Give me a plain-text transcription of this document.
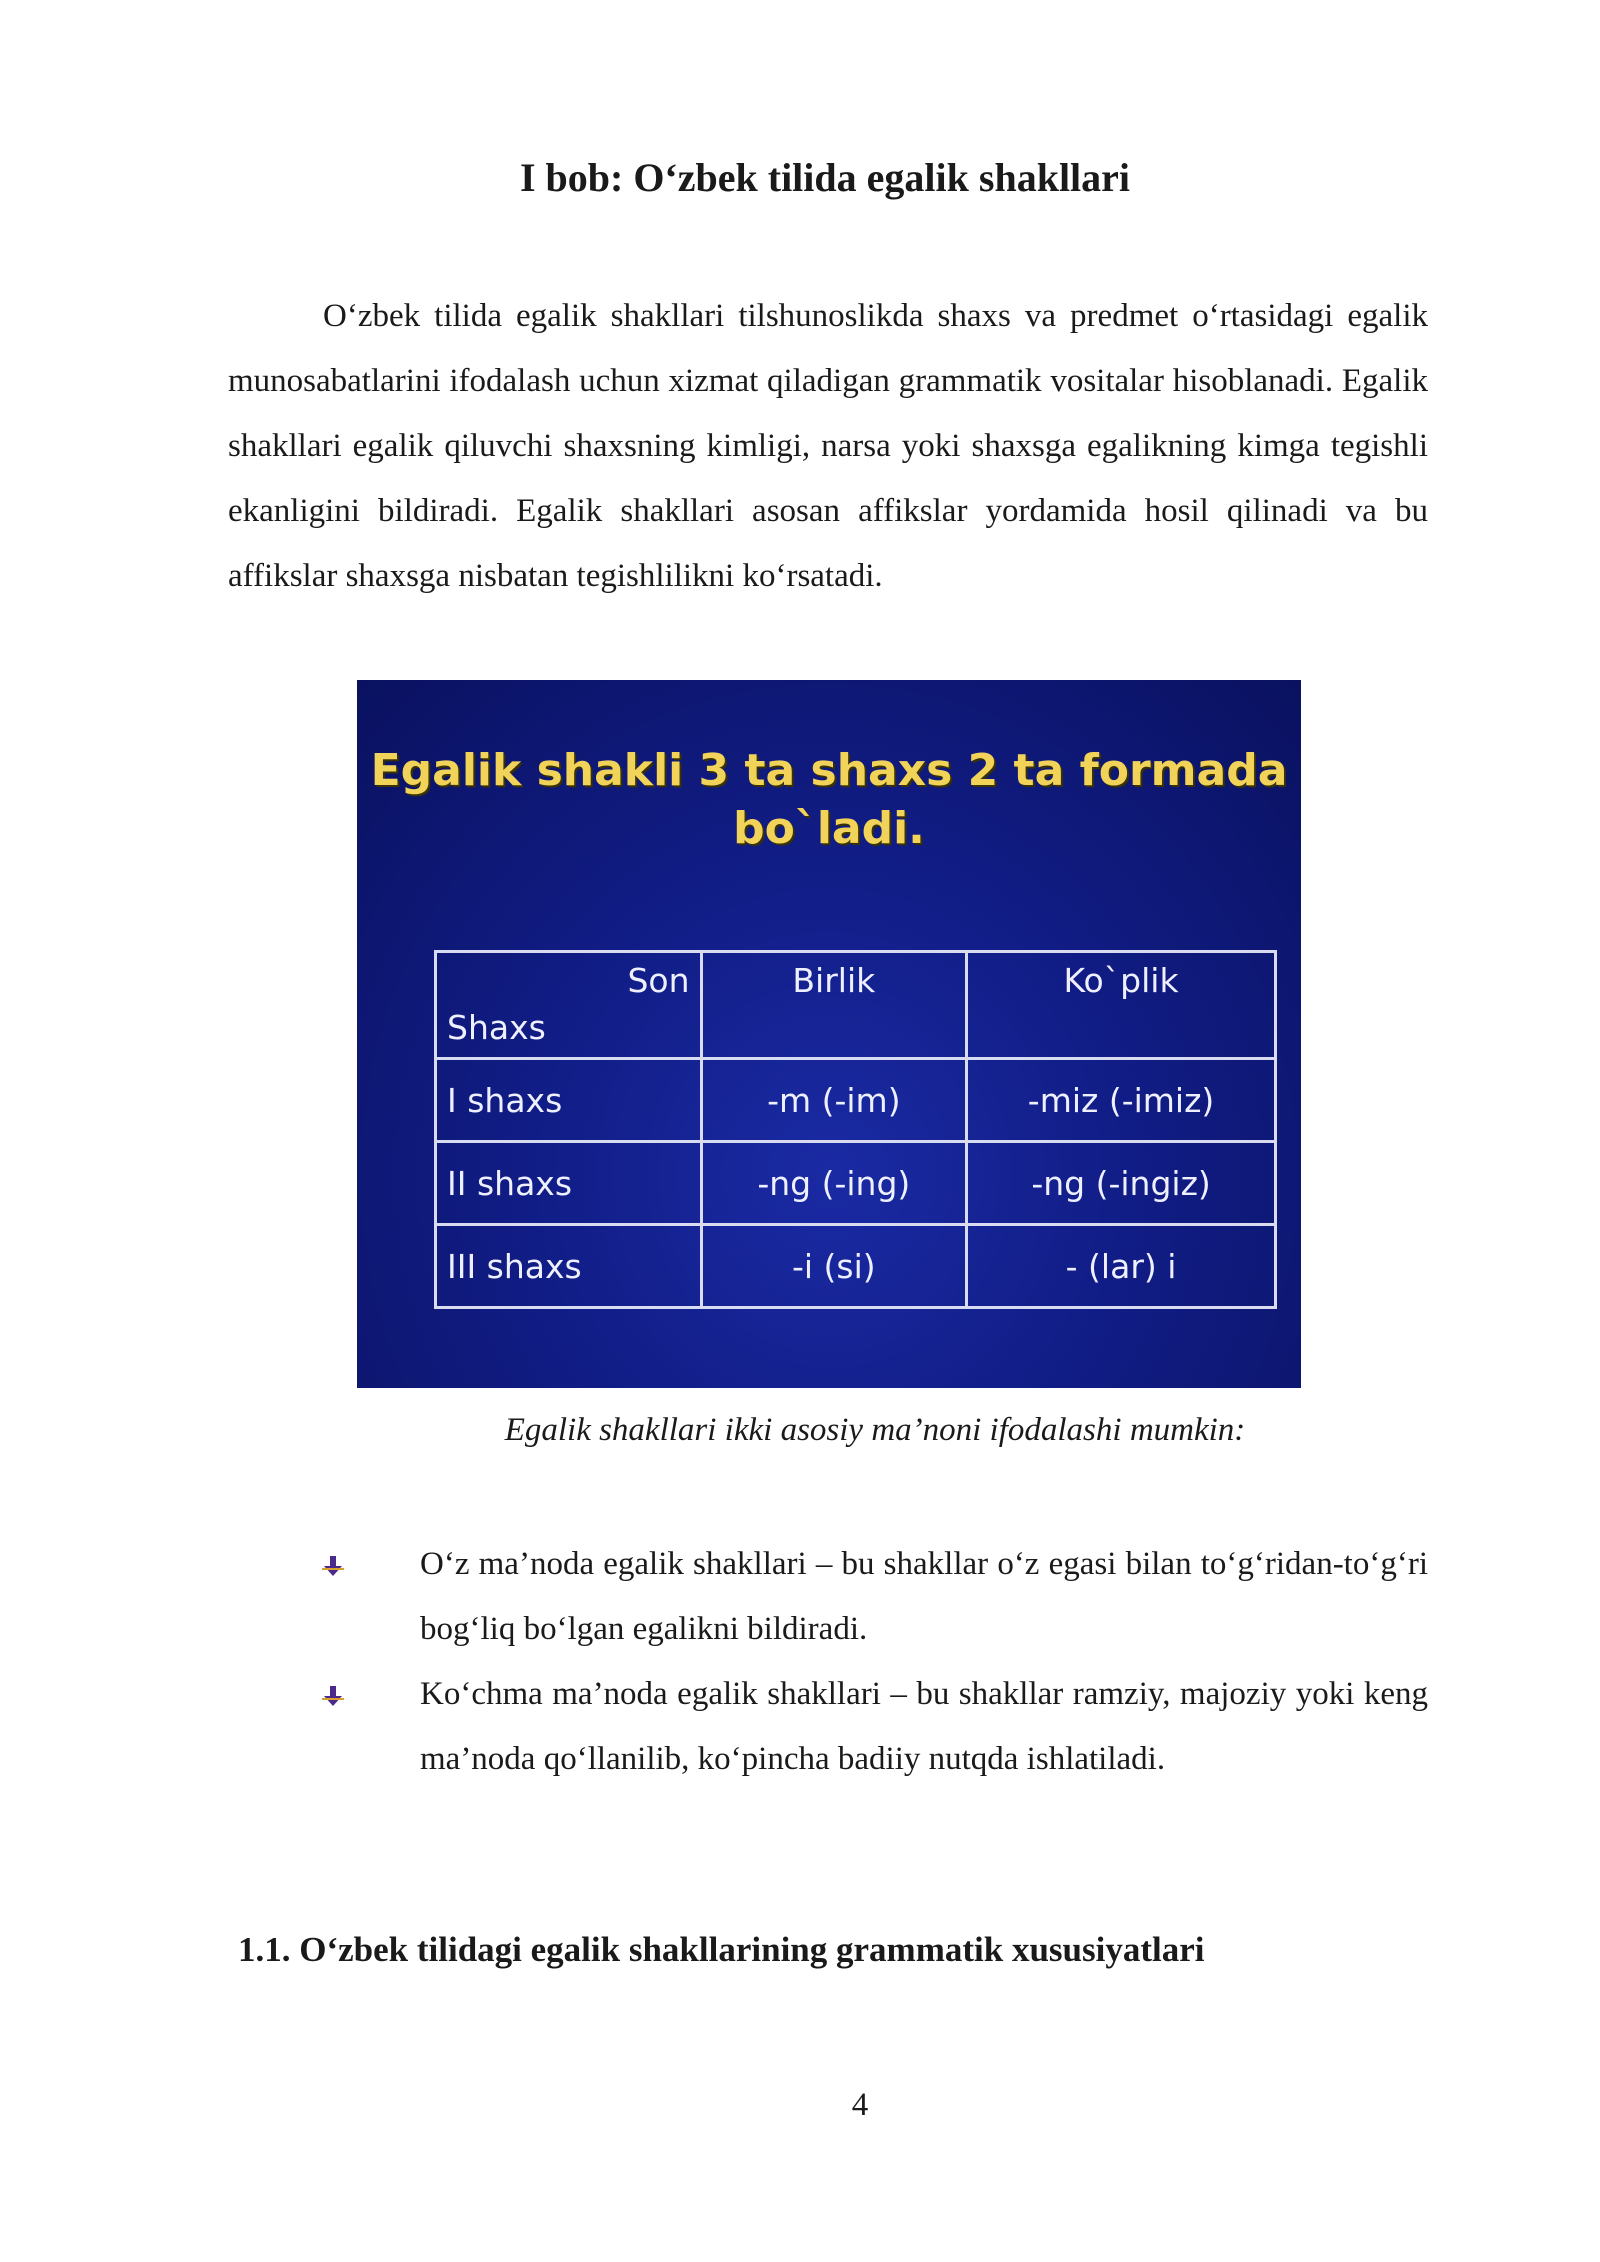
I bob: O‘zbek tilida egalik shakllari

O‘zbek tilida egalik shakllari tilshunoslikda shaxs va predmet o‘rtasidagi egalik munosabatlarini ifodalash uchun xizmat qiladigan grammatik vositalar hisoblanadi. Egalik shakllari egalik qiluvchi shaxsning kimligi, narsa yoki shaxsga egalikning kimga tegishli ekanligini bildiradi. Egalik shakllari asosan affikslar yordamida hosil qilinadi va bu affikslar shaxsga nisbatan tegishlilikni ko‘rsatadi.

Egalik shakli 3 ta shaxs 2 ta formada bo`ladi.
Son
Shaxs	Birlik	Ko`plik

I shaxs	-m (-im)	-miz (-imiz)
II shaxs	-ng (-ing)	-ng (-ingiz)
III shaxs	-i (si)	- (lar) i
Egalik shakllari ikki asosiy ma’noni ifodalashi mumkin:
O‘z ma’noda egalik shakllari – bu shakllar o‘z egasi bilan to‘g‘ridan-to‘g‘ri bog‘liq bo‘lgan egalikni bildiradi.
Ko‘chma ma’noda egalik shakllari – bu shakllar ramziy, majoziy yoki keng ma’noda qo‘llanilib, ko‘pincha badiiy nutqda ishlatiladi.
1.1. O‘zbek tilidagi egalik shakllarining grammatik xususiyatlari
4
